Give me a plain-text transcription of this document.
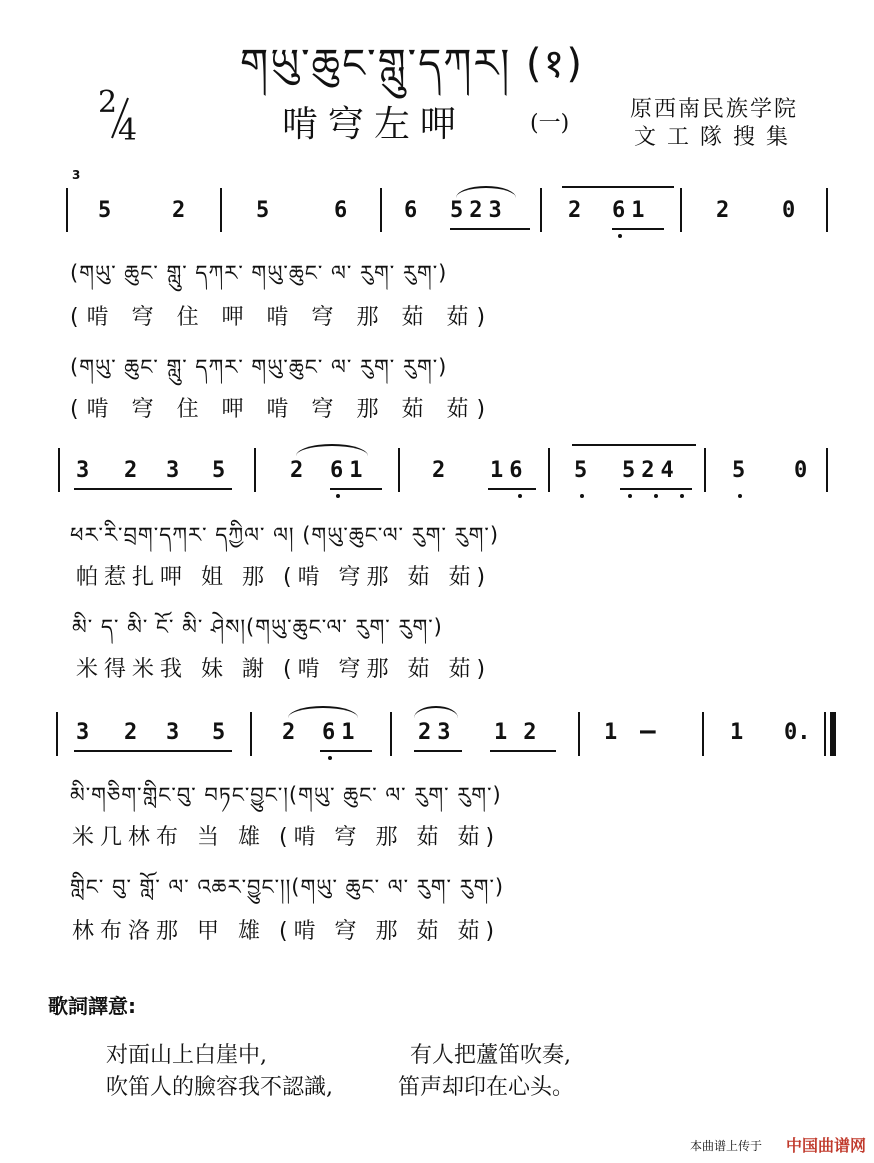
གཡུ་ཆུང་གླུ་དཀར། (१)
2
4	啃穹左呷	(一)
原西南民族学院
文工隊搜集
3
5	2	5	6	6 523	2 61	2 0
(གཡུ་ ཆུང་ གླུ་ དཀར་ གཡུ་ཆུང་ ལ་ རུག་ རུག་)
(啃 穹 住 呷 啃 穹 那 茹 茹)
(གཡུ་ ཆུང་ གླུ་ དཀར་ གཡུ་ཆུང་ ལ་ རུག་ རུག་)
(啃 穹 住 呷 啃 穹 那 茹 茹)
3 2 3 5	2 61	2 16 5 524 5 0
ཕར་རི་བྲག་དཀར་ དཀྱིལ་ ལ། (གཡུ་ཆུང་ལ་ རུག་ རུག་)
帕惹扎呷 姐 那 (啃 穹那 茹 茹)
མི་ ད་ མི་ ངོ་ མི་ ཤེས།(གཡུ་ཆུང་ལ་ རུག་ རུག་)
米得米我 妹 謝 (啃 穹那 茹 茹)
3 2 3 5	2 61	23 12 1 —	1 0.
མི་གཅིག་གླིང་བུ་ བཏང་བྱུང་།(གཡུ་ ཆུང་ ལ་ རུག་ རུག་)
米几林布 当 雄 (啃 穹 那 茹 茹)
གླིང་ བུ་ གློ་ ལ་ འཆར་བྱུང་།།(གཡུ་ ཆུང་ ལ་ རུག་ རུག་)
林布洛那 甲 雄 (啃 穹 那 茹 茹)
歌詞譯意:
对面山上白崖中,	有人把蘆笛吹奏,
吹笛人的臉容我不認識,	笛声却印在心头。
本曲谱上传于 中国曲谱网
